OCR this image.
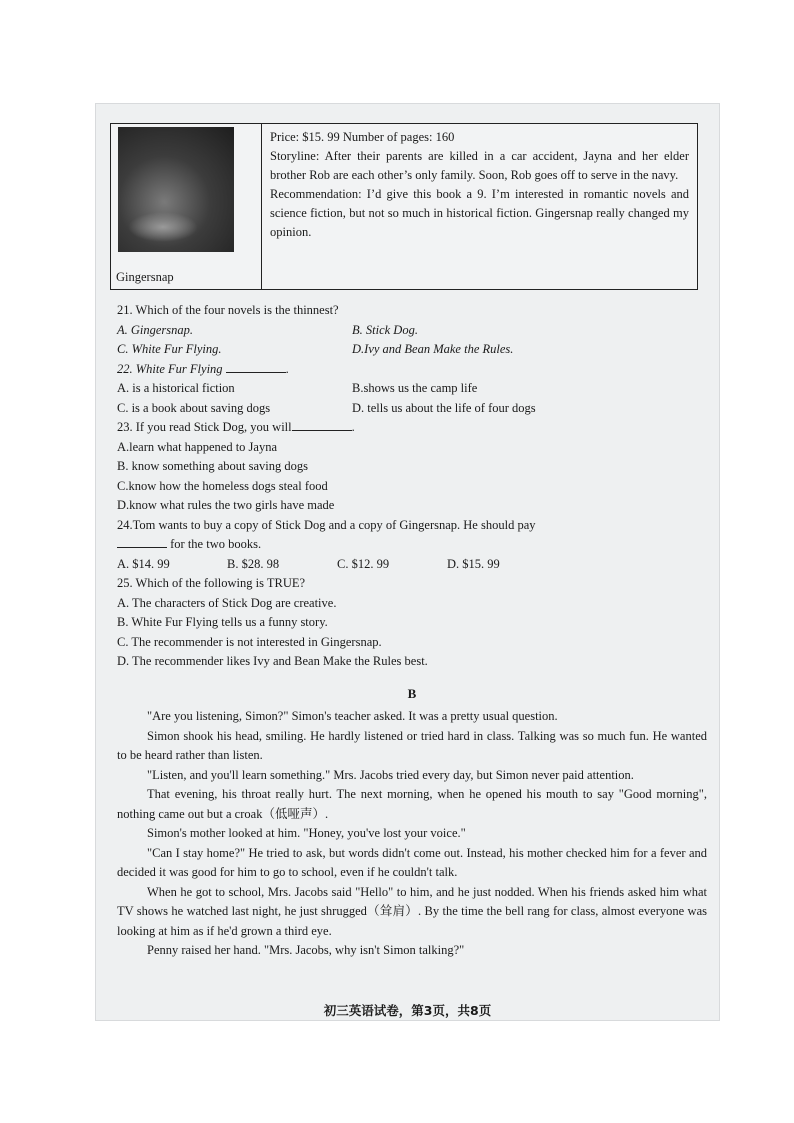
Gingersnap

Price: $15. 99 Number of pages: 160

Storyline: After their parents are killed in a car accident, Jayna and her elder brother Rob are each other’s only family. Soon, Rob goes off to serve in the navy.

Recommendation: I’d give this book a 9. I’m interested in romantic novels and science fiction, but not so much in historical fiction. Gingersnap really changed my opinion.

21. Which of the four novels is the thinnest?
A. Gingersnap.	B. Stick Dog.
C. White Fur Flying.	D.Ivy and Bean Make the Rules.
22. White Fur Flying	.
A. is a historical fiction	B.shows us the camp life
C. is a book about saving dogs	D. tells us about the life of four dogs
23. If you read Stick Dog, you will	.
A.learn what happened to Jayna
B. know something about saving dogs
C.know how the homeless dogs steal food
D.know what rules the two girls have made
24.Tom wants to buy a copy of Stick Dog and a copy of Gingersnap. He should pay
for the two books.
A. $14. 99	B. $28. 98	C. $12. 99	D. $15. 99
25. Which of the following is TRUE?
A. The characters of Stick Dog are creative.
B. White Fur Flying tells us a funny story.
C. The recommender is not interested in Gingersnap.
D. The recommender likes Ivy and Bean Make the Rules best.
B

"Are you listening, Simon?" Simon's teacher asked. It was a pretty usual question.

Simon shook his head, smiling. He hardly listened or tried hard in class. Talking was so much fun. He wanted to be heard rather than listen.

"Listen, and you'll learn something." Mrs. Jacobs tried every day, but Simon never paid attention.

That evening, his throat really hurt. The next morning, when he opened his mouth to say "Good morning", nothing came out but a croak（低哑声）.

Simon's mother looked at him. "Honey, you've lost your voice."

"Can I stay home?" He tried to ask, but words didn't come out. Instead, his mother checked him for a fever and decided it was good for him to go to school, even if he couldn't talk.

When he got to school, Mrs. Jacobs said "Hello" to him, and he just nodded. When his friends asked him what TV shows he watched last night, he just shrugged（耸肩）. By the time the bell rang for class, almost everyone was looking at him as if he'd grown a third eye.

Penny raised her hand. "Mrs. Jacobs, why isn't Simon talking?"

初三英语试卷，第3页，共8页
